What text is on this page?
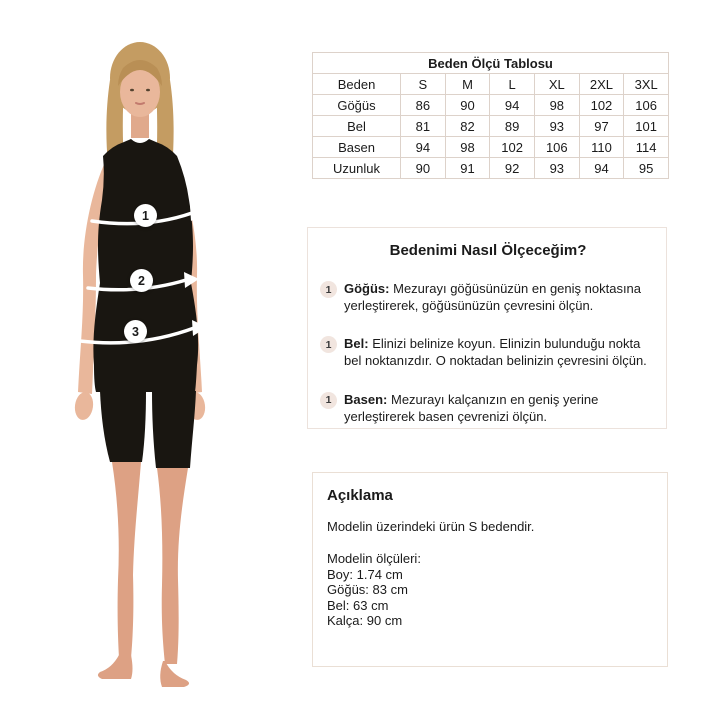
1
2
3
Beden Ölçü Tablosu						
Beden	S	M	L	XL	2XL	3XL
Göğüs	86	90	94	98	102	106
Bel	81	82	89	93	97	101
Basen	94	98	102	106	110	114
Uzunluk	90	91	92	93	94	95

Bedenimi Nasıl Ölçeceğim?

1 Göğüs: Mezurayı göğüsünüzün en geniş noktasına yerleştirerek, göğüsünüzün çevresini ölçün.

1 Bel: Elinizi belinize koyun. Elinizin bulunduğu nokta bel noktanızdır. O noktadan belinizin çevresini ölçün.

1 Basen: Mezurayı kalçanızın en geniş yerine yerleştirerek basen çevrenizi ölçün.

Açıklama

Modelin üzerindeki ürün S bedendir.

Modelin ölçüleri:
Boy: 1.74 cm
Göğüs: 83 cm
Bel: 63 cm
Kalça: 90 cm
